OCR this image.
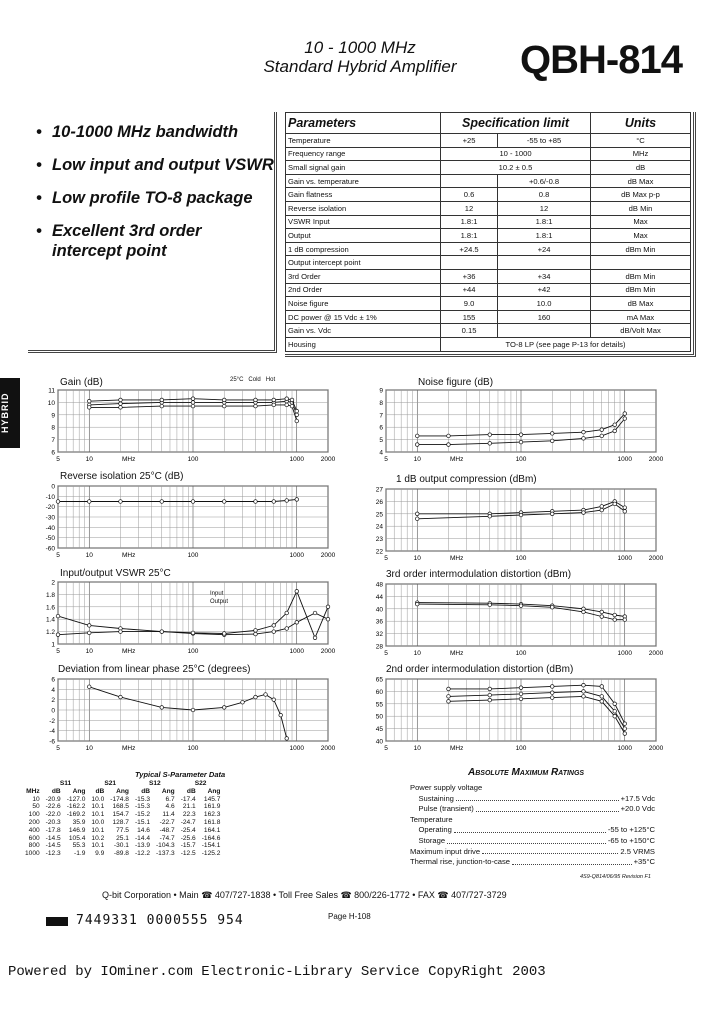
10 - 1000 MHz
Standard Hybrid Amplifier	QBH-814
• 10-1000 MHz bandwidth
• Low input and output VSWR
• Low profile TO-8 package
• Excellent 3rd order intercept point
Parameters	Specification limit		Units
Temperature	+25	-55 to +85	°C
Frequency range	10 - 1000		MHz
Small signal gain	10.2 ± 0.5		dB
Gain vs. temperature		+0.6/-0.8	dB Max
Gain flatness	0.6	0.8	dB Max p-p
Reverse isolation	12	12	dB Min
VSWR Input	1.8:1	1.8:1	Max
Output	1.8:1	1.8:1	Max
1 dB compression	+24.5	+24	dBm Min
Output intercept point			
3rd Order	+36	+34	dBm Min
2nd Order	+44	+42	dBm Min
Noise figure	9.0	10.0	dB Max
DC power @ 15 Vdc ± 1%	155	160	mA Max
Gain vs. Vdc	0.15		dB/Volt Max
Housing	TO-8 LP (see page P-13 for details)		
HYBRID
Gain (dB)	25°C Cold Hot
6
7
8
9
10
11
5	10	MHz	100	1000	2000
Noise figure (dB)
4
5
6
7
8
9
5	10	MHz	100	1000	2000
Reverse isolation 25°C (dB)
0
-10
-20
-30
-40
-50
-60
5	10	MHz	100	1000	2000
1 dB output compression (dBm)
22
23
24
25
26
27
5	10	MHz	100	1000	2000
Input/output VSWR 25°C
Input
Output
1
1.2
1.4
1.6
1.8
2
5	10	MHz	100	1000	2000
3rd order intermodulation distortion (dBm)
28
32
36
40
44
48
5	10	MHz	100	1000	2000
Deviation from linear phase 25°C (degrees)
-6
-4
-2
0
2
4
6
5	10	MHz	100	1000	2000
2nd order intermodulation distortion (dBm)
40
45
50
55
60
65
5	10	MHz	100	1000	2000
Typical S-Parameter Data
	S11		S21		S12		S22	
MHz	dB	Ang	dB	Ang	dB	Ang	dB	Ang
10	-20.9	-127.0	10.0	-174.8	-15.3	6.7	-17.4	145.7
50	-22.6	-162.2	10.1	168.5	-15.3	4.6	21.1	161.9
100	-22.0	-169.2	10.1	154.7	-15.2	11.4	22.3	162.3
200	-20.3	35.9	10.0	128.7	-15.1	-22.7	-24.7	161.8
400	-17.8	146.9	10.1	77.5	14.6	-48.7	-25.4	164.1
600	-14.5	105.4	10.2	25.1	-14.4	-74.7	-25.6	-164.6
800	-14.5	55.3	10.1	-30.1	-13.9	-104.3	-15.7	-154.1
1000	-12.3	-1.9	9.9	-89.8	-12.2	-137.3	-12.5	-125.2
Absolute Maximum Ratings
Power supply voltage
Sustaining	+17.5 Vdc
Pulse (transient)	+20.0 Vdc
Temperature
Operating	-55 to +125°C
Storage	-65 to +150°C
Maximum input drive	2.5 VRMS
Thermal rise, junction-to-case	+35°C
4S9-Q814/06/95 Revision F1
Q-bit Corporation • Main ☎ 407/727-1838 • Toll Free Sales ☎ 800/226-1772 • FAX ☎ 407/727-3729
7449331 0000555 954	Page H-108
Powered by IOminer.com Electronic-Library Service CopyRight 2003
